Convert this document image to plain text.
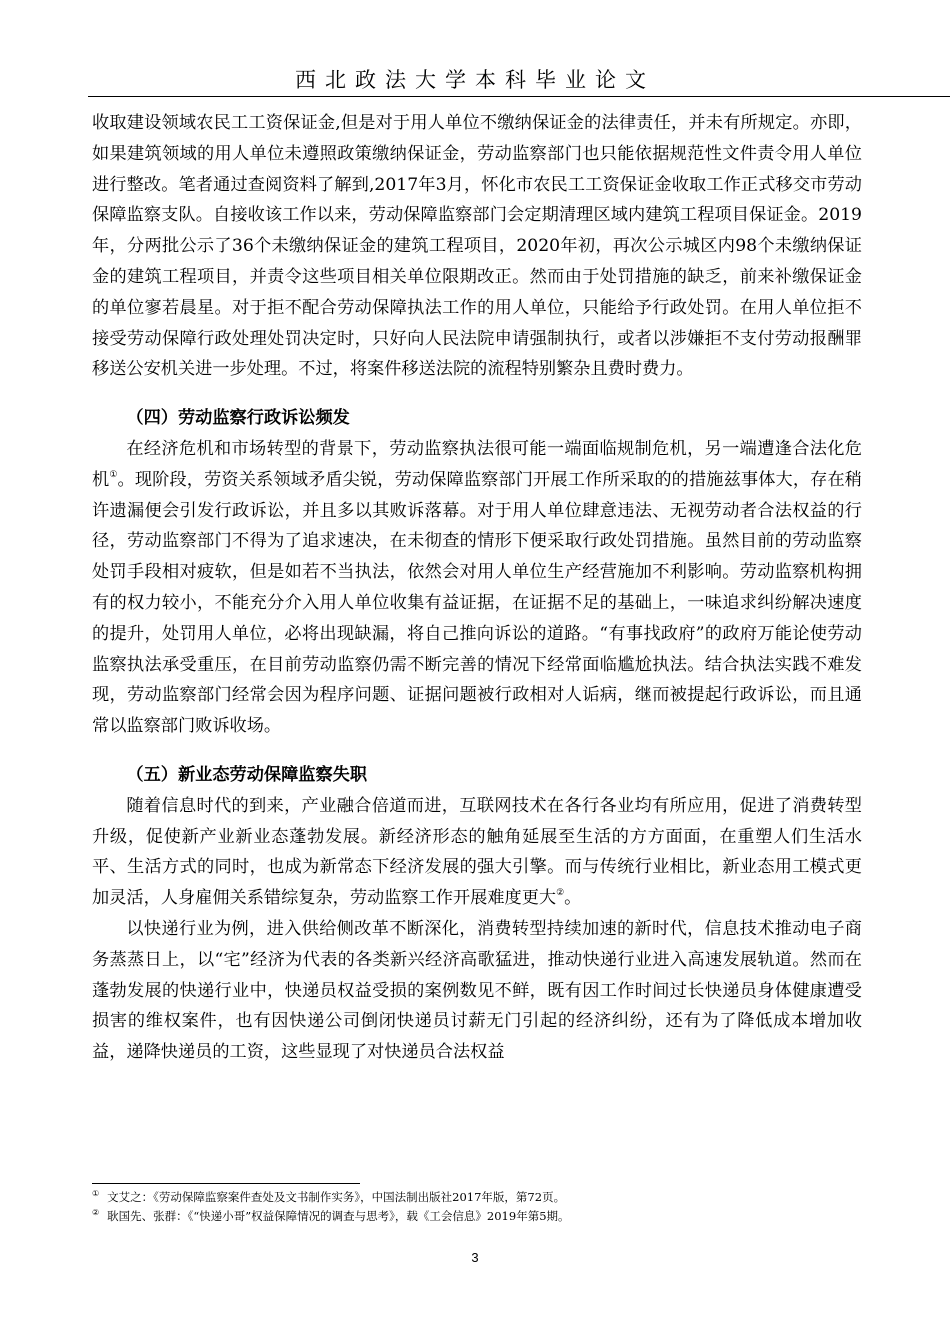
西北政法大学本科毕业论文

收取建设领域农民工工资保证金,但是对于用人单位不缴纳保证金的法律责任，并未有所规定。亦即，如果建筑领域的用人单位未遵照政策缴纳保证金，劳动监察部门也只能依据规范性文件责令用人单位进行整改。笔者通过查阅资料了解到,2017年3月，怀化市农民工工资保证金收取工作正式移交市劳动保障监察支队。自接收该工作以来，劳动保障监察部门会定期清理区域内建筑工程项目保证金。2019年，分两批公示了36个未缴纳保证金的建筑工程项目，2020年初，再次公示城区内98个未缴纳保证金的建筑工程项目，并责令这些项目相关单位限期改正。然而由于处罚措施的缺乏，前来补缴保证金的单位寥若晨星。对于拒不配合劳动保障执法工作的用人单位，只能给予行政处罚。在用人单位拒不接受劳动保障行政处理处罚决定时，只好向人民法院申请强制执行，或者以涉嫌拒不支付劳动报酬罪移送公安机关进一步处理。不过，将案件移送法院的流程特别繁杂且费时费力。

（四）劳动监察行政诉讼频发

在经济危机和市场转型的背景下，劳动监察执法很可能一端面临规制危机，另一端遭逢合法化危机①。现阶段，劳资关系领域矛盾尖锐，劳动保障监察部门开展工作所采取的的措施兹事体大，存在稍许遗漏便会引发行政诉讼，并且多以其败诉落幕。对于用人单位肆意违法、无视劳动者合法权益的行径，劳动监察部门不得为了追求速决，在未彻查的情形下便采取行政处罚措施。虽然目前的劳动监察处罚手段相对疲软，但是如若不当执法，依然会对用人单位生产经营施加不利影响。劳动监察机构拥有的权力较小，不能充分介入用人单位收集有益证据，在证据不足的基础上，一味追求纠纷解决速度的提升，处罚用人单位，必将出现缺漏，将自己推向诉讼的道路。“有事找政府”的政府万能论使劳动监察执法承受重压，在目前劳动监察仍需不断完善的情况下经常面临尴尬执法。结合执法实践不难发现，劳动监察部门经常会因为程序问题、证据问题被行政相对人诟病，继而被提起行政诉讼，而且通常以监察部门败诉收场。

（五）新业态劳动保障监察失职

随着信息时代的到来，产业融合倍道而进，互联网技术在各行各业均有所应用，促进了消费转型升级，促使新产业新业态蓬勃发展。新经济形态的触角延展至生活的方方面面，在重塑人们生活水平、生活方式的同时，也成为新常态下经济发展的强大引擎。而与传统行业相比，新业态用工模式更加灵活，人身雇佣关系错综复杂，劳动监察工作开展难度更大②。

以快递行业为例，进入供给侧改革不断深化，消费转型持续加速的新时代，信息技术推动电子商务蒸蒸日上，以“宅”经济为代表的各类新兴经济高歌猛进，推动快递行业进入高速发展轨道。然而在蓬勃发展的快递行业中，快递员权益受损的案例数见不鲜，既有因工作时间过长快递员身体健康遭受损害的维权案件，也有因快递公司倒闭快递员讨薪无门引起的经济纠纷，还有为了降低成本增加收益，递降快递员的工资，这些显现了对快递员合法权益

① 文艾之：《劳动保障监察案件查处及文书制作实务》，中国法制出版社2017年版，第72页。

② 耿国先、张群：《“快递小哥”权益保障情况的调查与思考》，载《工会信息》2019年第5期。

3
